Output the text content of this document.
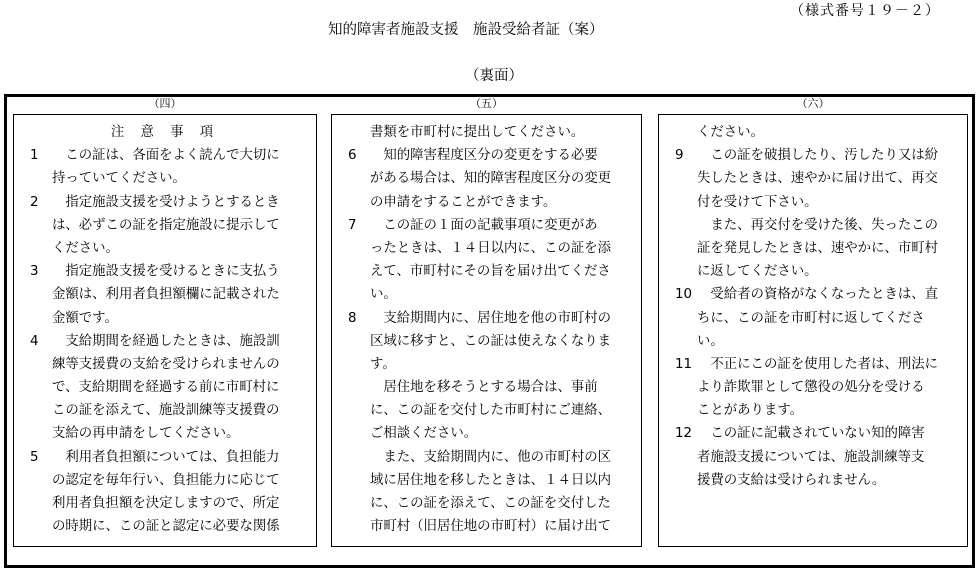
（様式番号１９－２）
知的障害者施設支援　施設受給者証（案）
（裏面）
（四）	（五）	（六）
注 意 事 項
1　この証は、各面をよく読んで大切に
持っていてください。
2　指定施設支援を受けようとするとき
は、必ずこの証を指定施設に提示して
ください。
3　指定施設支援を受けるときに支払う
金額は、利用者負担額欄に記載された
金額です。
4　支給期間を経過したときは、施設訓
練等支援費の支給を受けられませんの
で、支給期間を経過する前に市町村に
この証を添えて、施設訓練等支援費の
支給の再申請をしてください。
5　利用者負担額については、負担能力
の認定を毎年行い、負担能力に応じて
利用者負担額を決定しますので、所定
の時期に、この証と認定に必要な関係
書類を市町村に提出してください。
6　知的障害程度区分の変更をする必要
がある場合は、知的障害程度区分の変更
の申請をすることができます。
7　この証の１面の記載事項に変更があ
ったときは、１４日以内に、この証を添
えて、市町村にその旨を届け出てくださ
い。
8　支給期間内に、居住地を他の市町村の
区域に移すと、この証は使えなくなりま
す。
　居住地を移そうとする場合は、事前
に、この証を交付した市町村にご連絡、
ご相談ください。
　また、支給期間内に、他の市町村の区
域に居住地を移したときは、１４日以内
に、この証を添えて、この証を交付した
市町村（旧居住地の市町村）に届け出て
ください。
9　この証を破損したり、汚したり又は紛
失したときは、速やかに届け出て、再交
付を受けて下さい。
　また、再交付を受けた後、失ったこの
証を発見したときは、速やかに、市町村
に返してください。
10　受給者の資格がなくなったときは、直
ちに、この証を市町村に返してくださ
い。
11　不正にこの証を使用した者は、刑法に
より詐欺罪として懲役の処分を受ける
ことがあります。
12　この証に記載されていない知的障害
者施設支援については、施設訓練等支
援費の支給は受けられません。
